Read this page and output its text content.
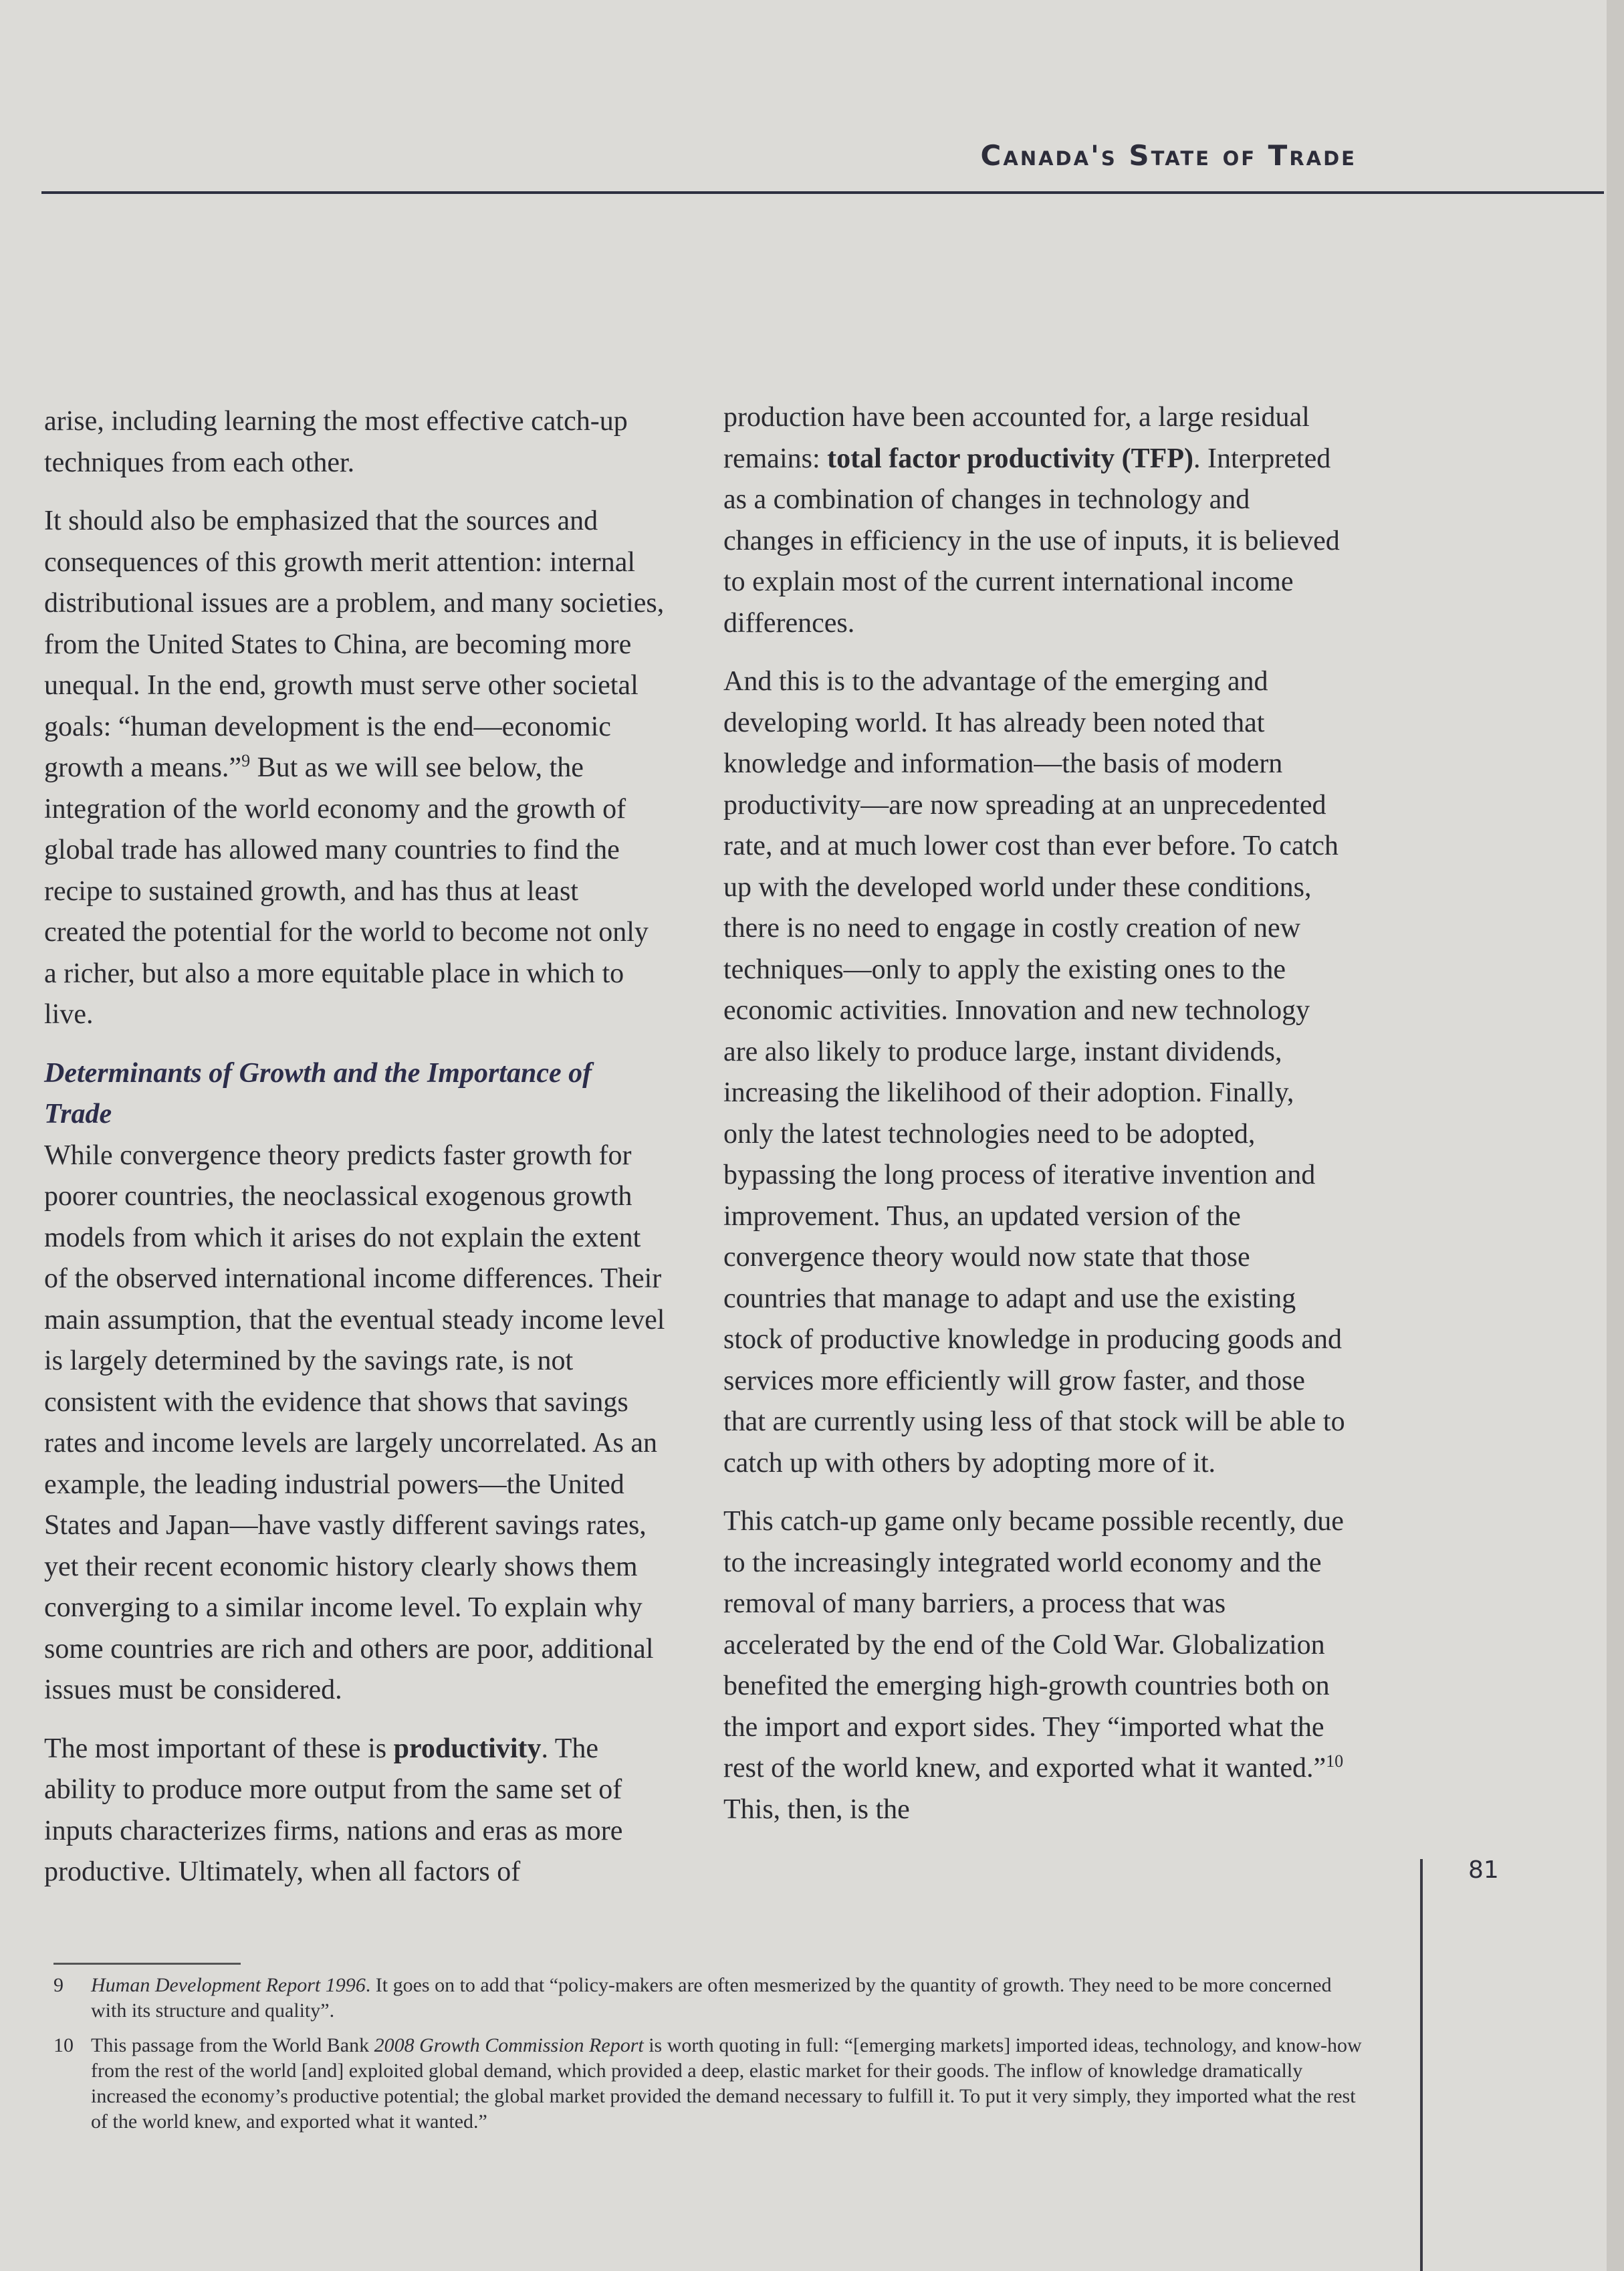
Canada's State of Trade

arise, including learning the most effective catch-up techniques from each other.

It should also be emphasized that the sources and consequences of this growth merit attention: internal distributional issues are a problem, and many societies, from the United States to China, are becoming more unequal. In the end, growth must serve other societal goals: “human development is the end—economic growth a means.”$^9$ But as we will see below, the integration of the world economy and the growth of global trade has allowed many countries to find the recipe to sustained growth, and has thus at least created the potential for the world to become not only a richer, but also a more equitable place in which to live.

Determinants of Growth and the Importance of Trade

While convergence theory predicts faster growth for poorer countries, the neoclassical exogenous growth models from which it arises do not explain the extent of the observed international income differences. Their main assumption, that the eventual steady income level is largely determined by the savings rate, is not consistent with the evidence that shows that savings rates and income levels are largely uncorrelated. As an example, the leading industrial powers—the United States and Japan—have vastly different savings rates, yet their recent economic history clearly shows them converging to a similar income level. To explain why some countries are rich and others are poor, additional issues must be considered.

The most important of these is productivity. The ability to produce more output from the same set of inputs characterizes firms, nations and eras as more productive. Ultimately, when all factors of

production have been accounted for, a large residual remains: total factor productivity (TFP). Interpreted as a combination of changes in technology and changes in efficiency in the use of inputs, it is believed to explain most of the current international income differences.

And this is to the advantage of the emerging and developing world. It has already been noted that knowledge and information—the basis of modern productivity—are now spreading at an unprecedented rate, and at much lower cost than ever before. To catch up with the developed world under these conditions, there is no need to engage in costly creation of new techniques—only to apply the existing ones to the economic activities. Innovation and new technology are also likely to produce large, instant dividends, increasing the likelihood of their adoption. Finally, only the latest technologies need to be adopted, bypassing the long process of iterative invention and improvement. Thus, an updated version of the convergence theory would now state that those countries that manage to adapt and use the existing stock of productive knowledge in producing goods and services more efficiently will grow faster, and those that are currently using less of that stock will be able to catch up with others by adopting more of it.

This catch-up game only became possible recently, due to the increasingly integrated world economy and the removal of many barriers, a process that was accelerated by the end of the Cold War. Globalization benefited the emerging high-growth countries both on the import and export sides. They “imported what the rest of the world knew, and exported what it wanted.”$^{10}$ This, then, is the

9 Human Development Report 1996. It goes on to add that “policy-makers are often mesmerized by the quantity of growth. They need to be more concerned with its structure and quality”.
10 This passage from the World Bank 2008 Growth Commission Report is worth quoting in full: “[emerging markets] imported ideas, technology, and know-how from the rest of the world [and] exploited global demand, which provided a deep, elastic market for their goods. The inflow of knowledge dramatically increased the economy’s productive potential; the global market provided the demand necessary to fulfill it. To put it very simply, they imported what the rest of the world knew, and exported what it wanted.”
81
